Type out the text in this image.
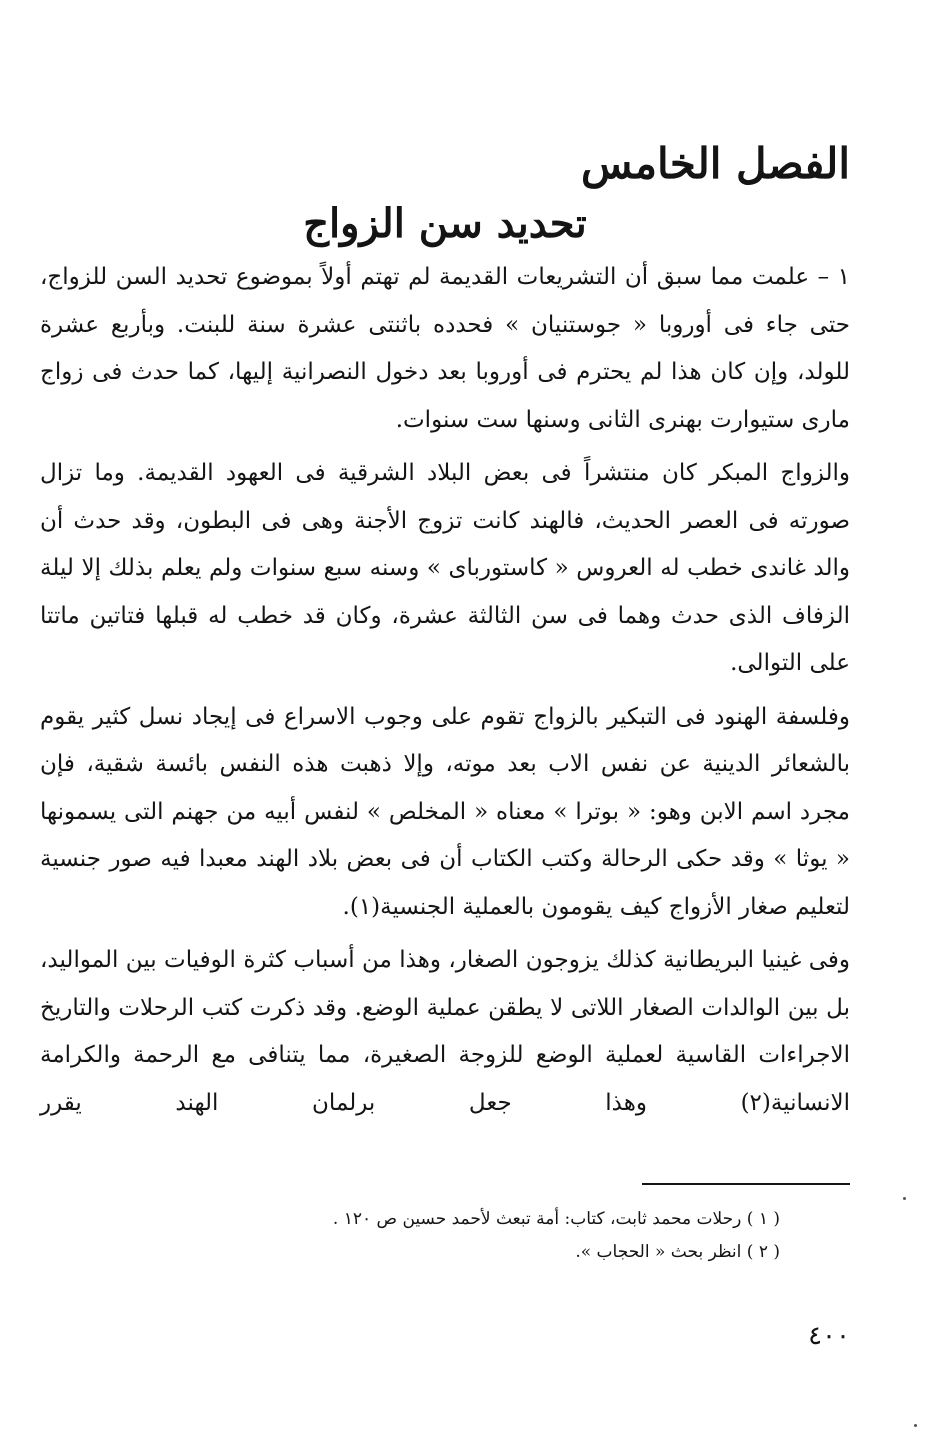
الفصل الخامس
تحديد سن الزواج

١ – علمت مما سبق أن التشريعات القديمة لم تهتم أولاً بموضوع تحديد السن للزواج، حتى جاء فى أوروبا « جوستنيان » فحدده باثنتى عشرة سنة للبنت. وبأربع عشرة للولد، وإن كان هذا لم يحترم فى أوروبا بعد دخول النصرانية إليها، كما حدث فى زواج مارى ستيوارت بهنرى الثانى وسنها ست سنوات.

والزواج المبكر كان منتشراً فى بعض البلاد الشرقية فى العهود القديمة. وما تزال صورته فى العصر الحديث، فالهند كانت تزوج الأجنة وهى فى البطون، وقد حدث أن والد غاندى خطب له العروس « كاستوربای » وسنه سبع سنوات ولم يعلم بذلك إلا ليلة الزفاف الذى حدث وهما فى سن الثالثة عشرة، وكان قد خطب له قبلها فتاتين ماتتا على التوالى.

وفلسفة الهنود فى التبكير بالزواج تقوم على وجوب الاسراع فى إيجاد نسل كثير يقوم بالشعائر الدينية عن نفس الاب بعد موته، وإلا ذهبت هذه النفس بائسة شقية، فإن مجرد اسم الابن وهو: « بوترا » معناه « المخلص » لنفس أبيه من جهنم التى يسمونها « يوثا » وقد حكى الرحالة وكتب الكتاب أن فى بعض بلاد الهند معبدا فيه صور جنسية لتعليم صغار الأزواج كيف يقومون بالعملية الجنسية(١).

وفى غينيا البريطانية كذلك يزوجون الصغار، وهذا من أسباب كثرة الوفيات بين المواليد، بل بين الوالدات الصغار اللاتى لا يطقن عملية الوضع. وقد ذكرت كتب الرحلات والتاريخ الاجراءات القاسية لعملية الوضع للزوجة الصغيرة، مما يتنافى مع الرحمة والكرامة الانسانية(٢) وهذا جعل برلمان الهند يقرر

( ١ ) رحلات محمد ثابت، كتاب: أمة تبعث لأحمد حسين ص ١٢٠ .

( ٢ ) انظر بحث « الحجاب ».

٤٠٠
